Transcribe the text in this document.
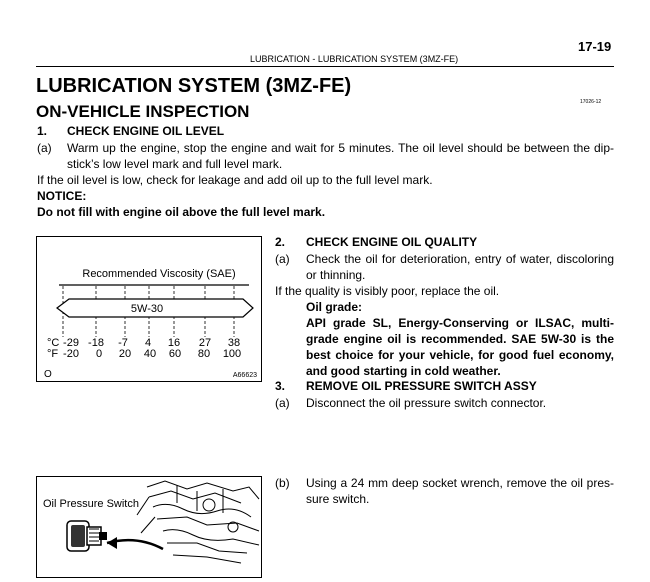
17-19
LUBRICATION - LUBRICATION SYSTEM (3MZ-FE)
LUBRICATION SYSTEM (3MZ-FE)
ON-VEHICLE INSPECTION	17026-12
1. CHECK ENGINE OIL LEVEL
(a) Warm up the engine, stop the engine and wait for 5 minutes. The oil level should be between the dip-stick’s low level mark and full level mark.
If the oil level is low, check for leakage and add oil up to the full level mark.
NOTICE:
Do not fill with engine oil above the full level mark.
Recommended Viscosity (SAE)
5W-30
°C
°F
-29 -18 -7 4 16 27 38
-20 0 20 40 60 80 100
O	A66623
2. CHECK ENGINE OIL QUALITY
(a) Check the oil for deterioration, entry of water, discoloring or thinning.
If the quality is visibly poor, replace the oil.
Oil grade:
API grade SL, Energy-Conserving or ILSAC, multi-grade engine oil is recommended. SAE 5W-30 is the best choice for your vehicle, for good fuel economy, and good starting in cold weather.
3. REMOVE OIL PRESSURE SWITCH ASSY
(a) Disconnect the oil pressure switch connector.
(b) Using a 24 mm deep socket wrench, remove the oil pres-sure switch.
Oil Pressure Switch
